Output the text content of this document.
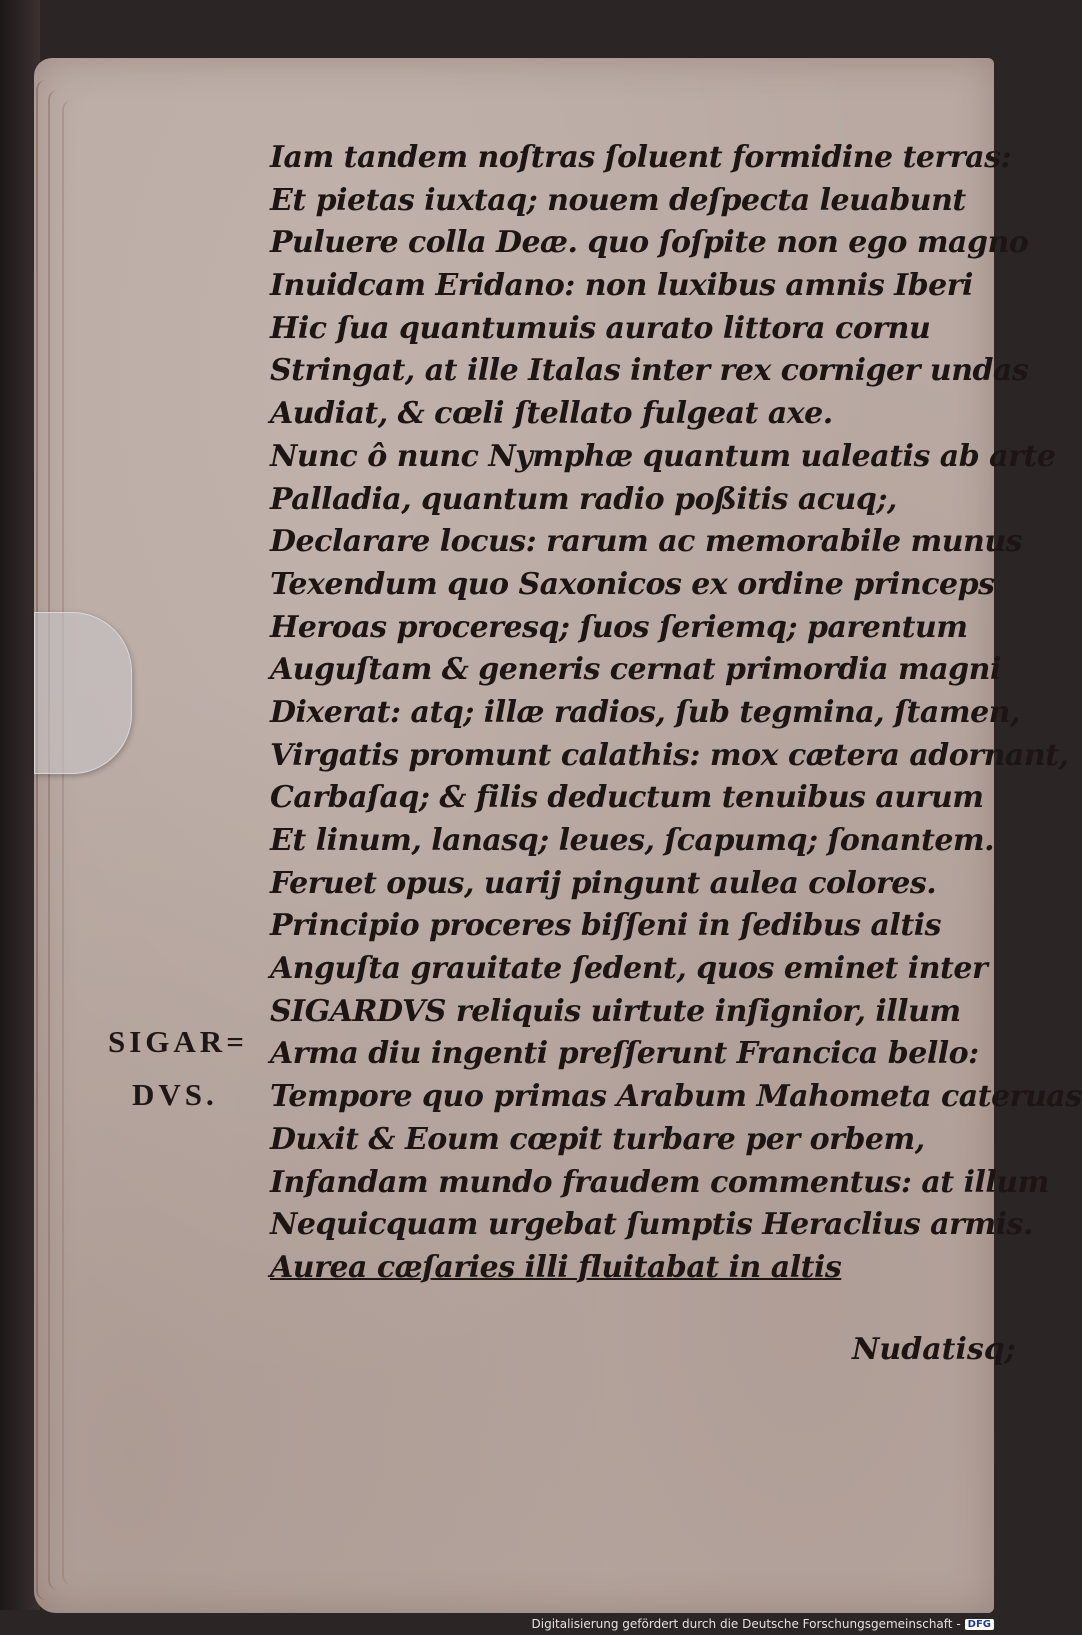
Iam tandem noſtras ſoluent formidine terras:
Et pietas iuxtaq; nouem deſpecta leuabunt
Puluere colla Deæ. quo ſoſpite non ego magno
Inuidcam Eridano: non luxibus amnis Iberi
Hic ſua quantumuis aurato littora cornu
Stringat, at ille Italas inter rex corniger undas
Audiat, & cœli ſtellato fulgeat axe.
Nunc ô nunc Nymphæ quantum ualeatis ab arte
Palladia, quantum radio poßitis acuq;,
Declarare locus: rarum ac memorabile munus
Texendum quo Saxonicos ex ordine princeps
Heroas proceresq; ſuos ſeriemq; parentum
Auguſtam & generis cernat primordia magni
Dixerat: atq; illæ radios, ſub tegmina, ſtamen,
Virgatis promunt calathis: mox cætera adornant,
Carbaſaq; & filis deductum tenuibus aurum
Et linum, lanasq; leues, ſcapumq; ſonantem.
Feruet opus, uarij pingunt aulea colores.
Principio proceres biſſeni in ſedibus altis
Anguſta grauitate ſedent, quos eminet inter
SIGARDVS reliquis uirtute inſignior, illum
Arma diu ingenti preſſerunt Francica bello:
Tempore quo primas Arabum Mahometa cateruas
Duxit & Eoum cœpit turbare per orbem,
Infandam mundo fraudem commentus: at illum
Nequicquam urgebat ſumptis Heraclius armis.
Aurea cæſaries illi fluitabat in altis
SIGAR=
DVS.
Nudatisq;
Digitalisierung gefördert durch die Deutsche Forschungsgemeinschaft - DFG
